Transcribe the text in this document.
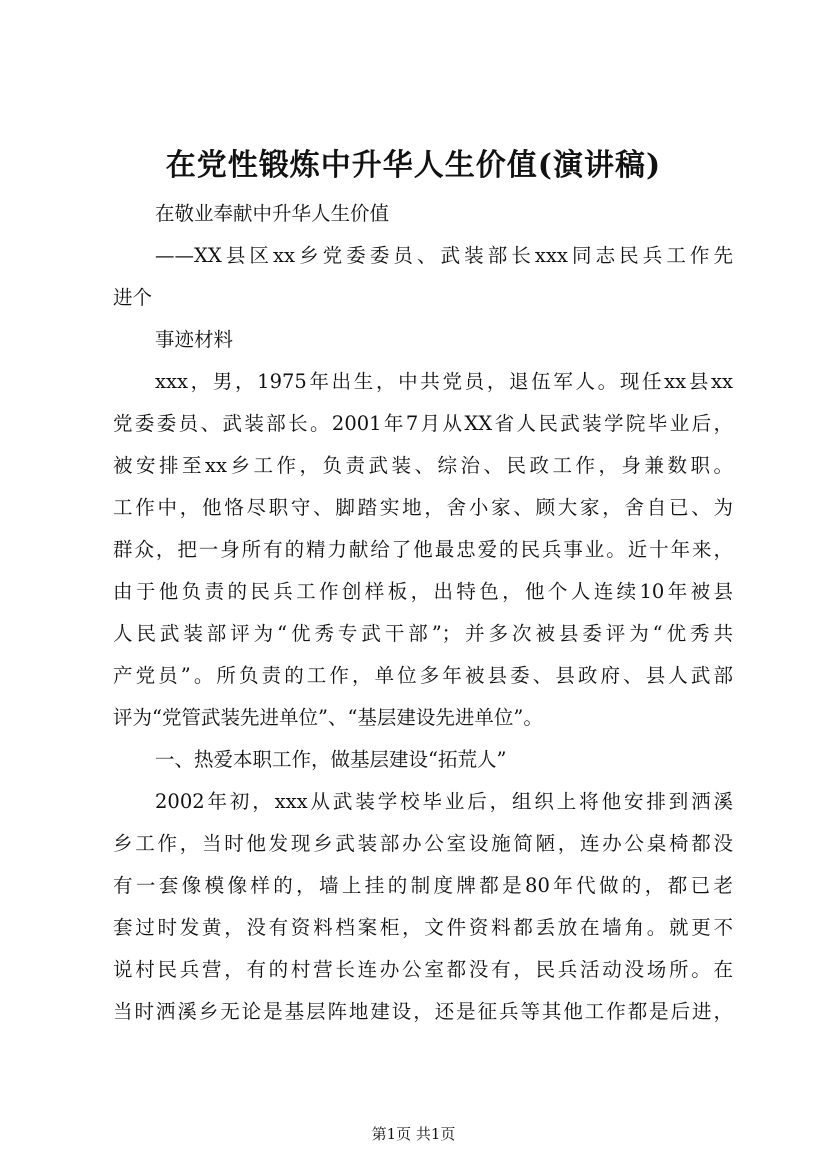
在党性锻炼中升华人生价值(演讲稿)
在敬业奉献中升华人生价值
——XX县区xx乡党委委员、武装部长xxx同志民兵工作先
进个
事迹材料
xxx，男，1975年出生，中共党员，退伍军人。现任xx县xx
党委委员、武装部长。2001年7月从XX省人民武装学院毕业后，
被安排至xx乡工作，负责武装、综治、民政工作，身兼数职。
工作中，他恪尽职守、脚踏实地，舍小家、顾大家，舍自已、为
群众，把一身所有的精力献给了他最忠爱的民兵事业。近十年来，
由于他负责的民兵工作创样板，出特色，他个人连续10年被县
人民武装部评为“优秀专武干部”；并多次被县委评为“优秀共
产党员”。所负责的工作，单位多年被县委、县政府、县人武部
评为“党管武装先进单位”、“基层建设先进单位”。
一、热爱本职工作，做基层建设“拓荒人”
2002年初，xxx从武装学校毕业后，组织上将他安排到洒溪
乡工作，当时他发现乡武装部办公室设施简陋，连办公桌椅都没
有一套像模像样的，墙上挂的制度牌都是80年代做的，都已老
套过时发黄，没有资料档案柜，文件资料都丢放在墙角。就更不
说村民兵营，有的村营长连办公室都没有，民兵活动没场所。在
当时洒溪乡无论是基层阵地建设，还是征兵等其他工作都是后进，
第1页 共1页
